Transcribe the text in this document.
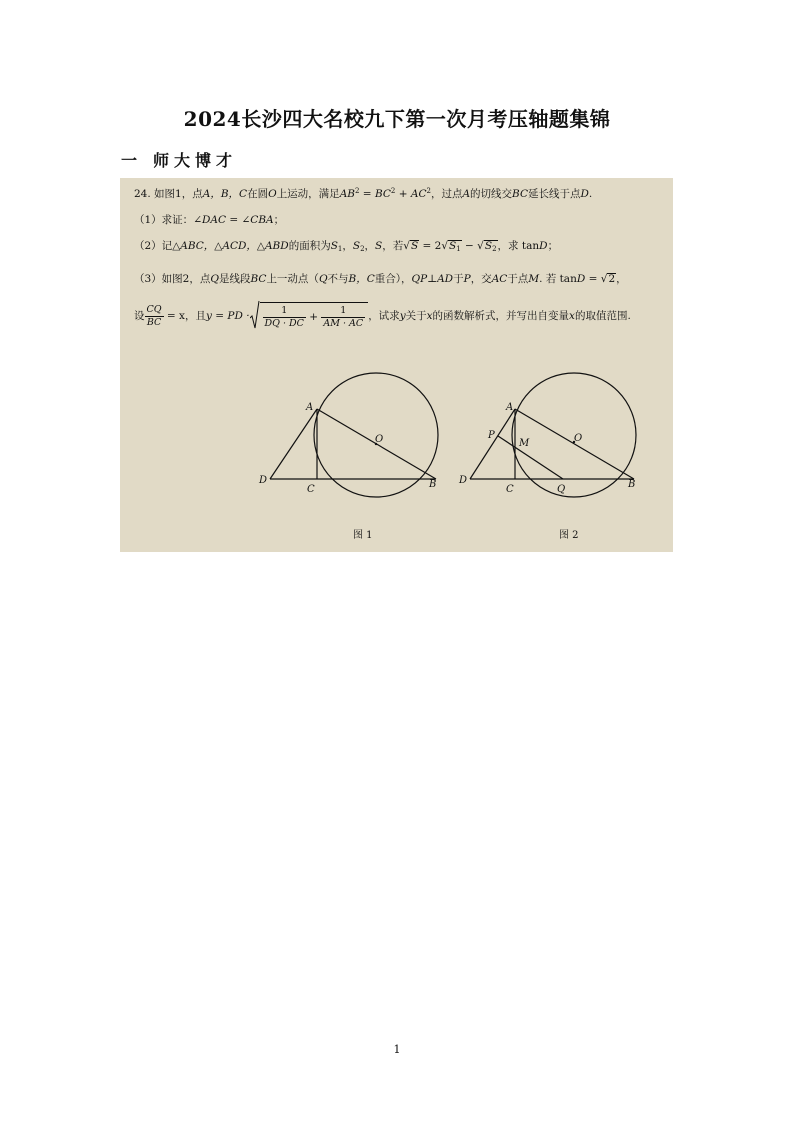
2024长沙四大名校九下第一次月考压轴题集锦
一 师大博才
24. 如图1，点A，B，C在圆O上运动，满足$AB^2 = BC^2 + AC^2$，过点A的切线交BC延长线于点D.
（1）求证：∠DAC = ∠CBA；
（2）记△ABC，△ACD，△ABD的面积为$S_1$，$S_2$，S，若$√S = 2√S_1 - √S_2$，求 tanD；
（3）如图2，点Q是线段BC上一动点（Q不与B，C重合），QP⊥AD于P，交AC于点M. 若 tanD = √2，
设 $\frac{CQ}{BC} = x$，且y = PD · $\frac{1}{DQ \cdot DC} + \frac{1}{AM \cdot AC}$ ，试求y关于x的函数解析式，并写出自变量x的取值范围.
A
O
D
C	B
图 1
A
P
M	O
D
C	Q	B
图 2
1
